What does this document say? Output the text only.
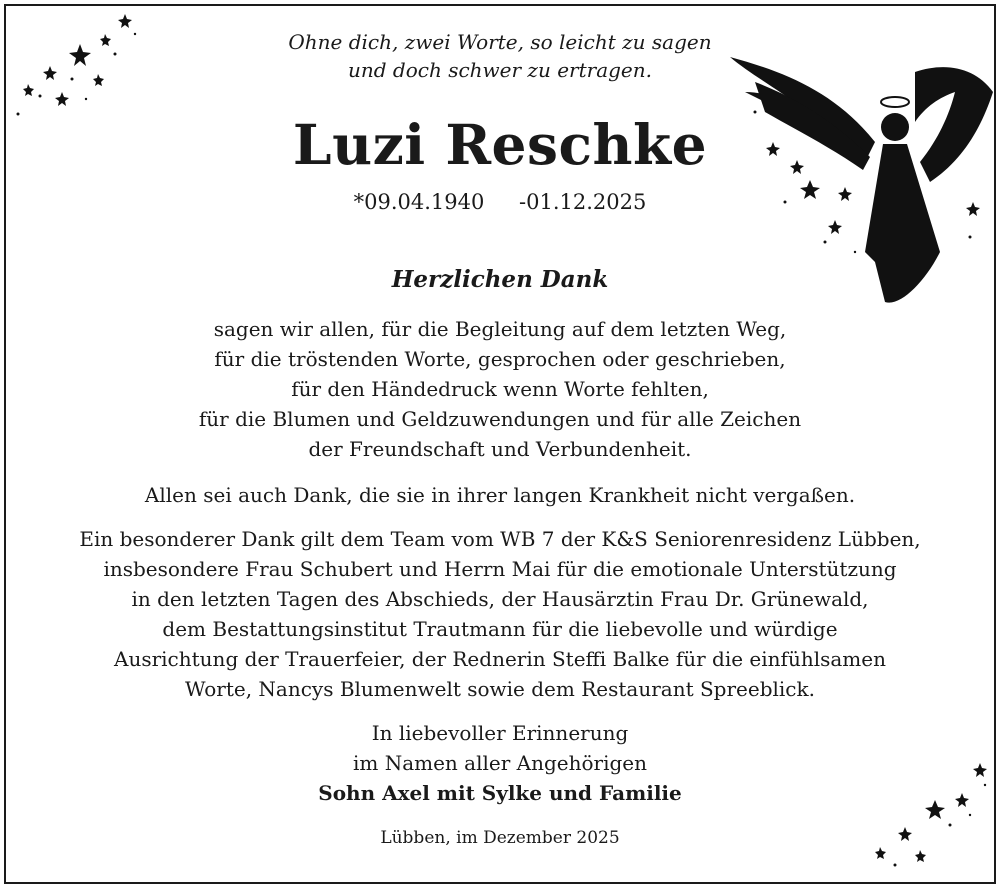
Ohne dich, zwei Worte, so leicht zu sagen
und doch schwer zu ertragen.
Luzi Reschke
*09.04.1940 ‐01.12.2025
Herzlichen Dank
sagen wir allen, für die Begleitung auf dem letzten Weg,
für die tröstenden Worte, gesprochen oder geschrieben,
für den Händedruck wenn Worte fehlten,
für die Blumen und Geldzuwendungen und für alle Zeichen
der Freundschaft und Verbundenheit.
Allen sei auch Dank, die sie in ihrer langen Krankheit nicht vergaßen.
Ein besonderer Dank gilt dem Team vom WB 7 der K&S Seniorenresidenz Lübben,
insbesondere Frau Schubert und Herrn Mai für die emotionale Unterstützung
in den letzten Tagen des Abschieds, der Hausärztin Frau Dr. Grünewald,
dem Bestattungsinstitut Trautmann für die liebevolle und würdige
Ausrichtung der Trauerfeier, der Rednerin Steffi Balke für die einfühlsamen
Worte, Nancys Blumenwelt sowie dem Restaurant Spreeblick.
In liebevoller Erinnerung
im Namen aller Angehörigen
Sohn Axel mit Sylke und Familie
Lübben, im Dezember 2025
